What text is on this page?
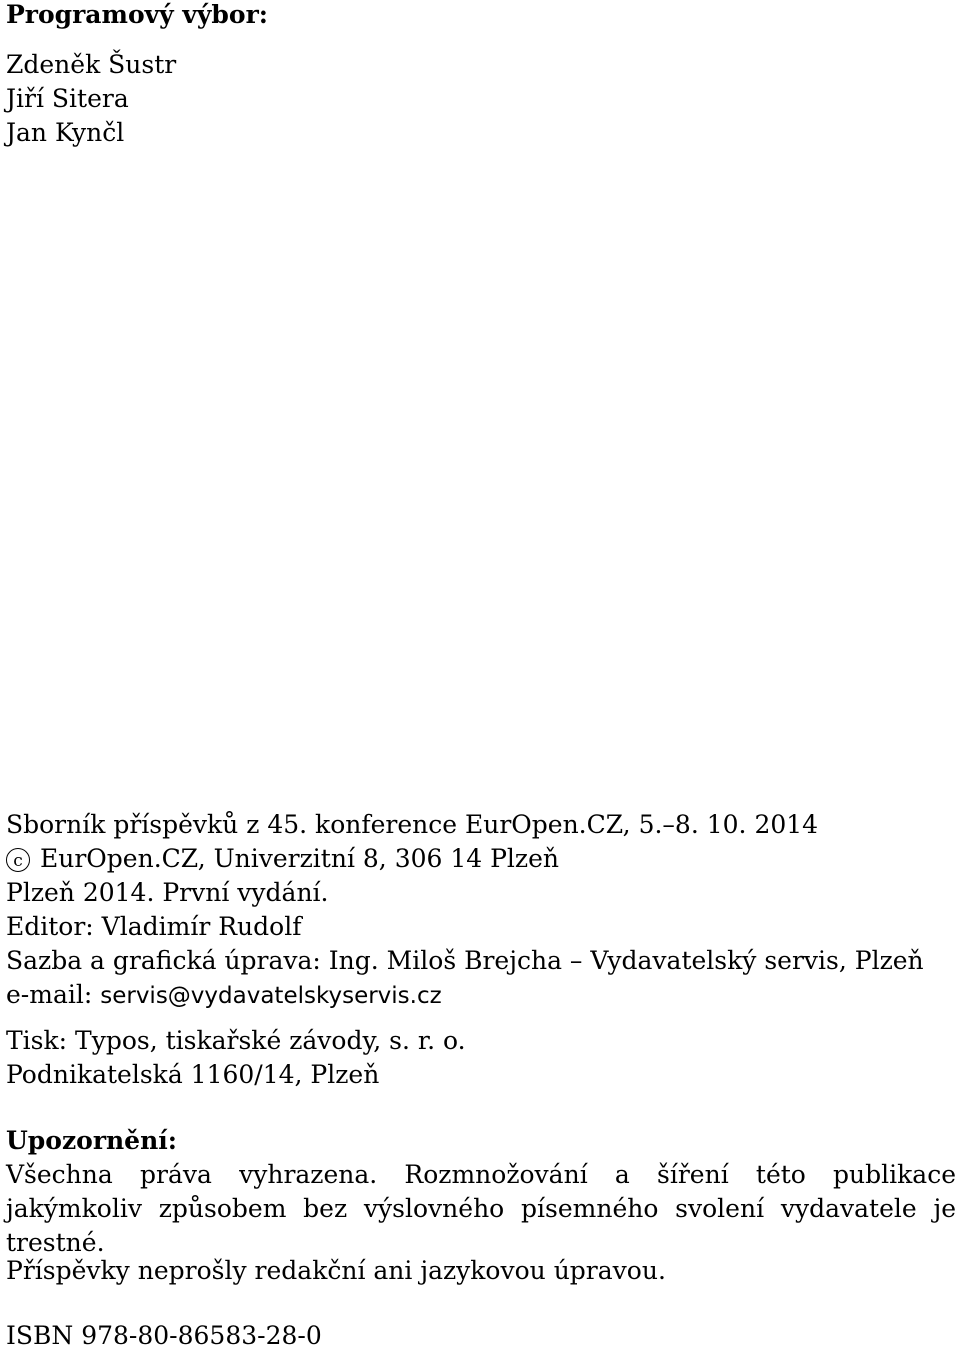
Programový výbor:
Zdeněk Šustr
Jiří Sitera
Jan Kynčl
Sborník příspěvků z 45. konference EurOpen.CZ, 5.–8. 10. 2014
c EurOpen.CZ, Univerzitní 8, 306 14 Plzeň
Plzeň 2014. První vydání.
Editor: Vladimír Rudolf
Sazba a grafická úprava: Ing. Miloš Brejcha – Vydavatelský servis, Plzeň
e-mail: servis@vydavatelskyservis.cz
Tisk: Typos, tiskařské závody, s. r. o.
Podnikatelská 1160/14, Plzeň
Upozornění:
Všechna práva vyhrazena. Rozmnožování a šíření této publikace jakýmkoliv způsobem bez výslovného písemného svolení vydavatele je trestné.
Příspěvky neprošly redakční ani jazykovou úpravou.
ISBN 978-80-86583-28-0
